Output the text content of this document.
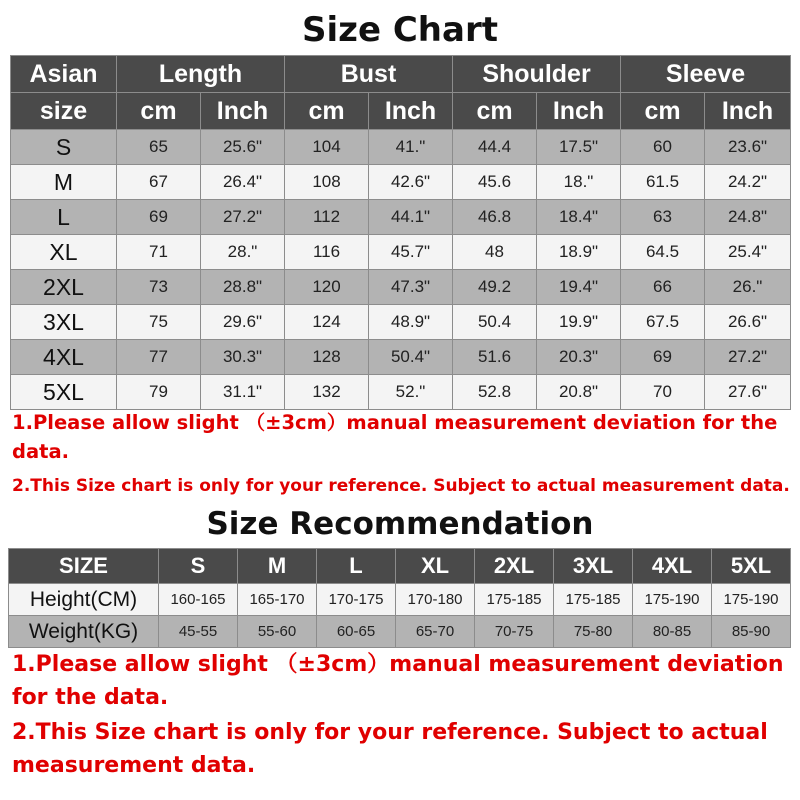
Size Chart
Asian	Length		Bust		Shoulder		Sleeve	
size	cm	Inch	cm	Inch	cm	Inch	cm	Inch
S	65	25.6"	104	41."	44.4	17.5"	60	23.6"
M	67	26.4"	108	42.6"	45.6	18."	61.5	24.2"
L	69	27.2"	112	44.1"	46.8	18.4"	63	24.8"
XL	71	28."	116	45.7"	48	18.9"	64.5	25.4"
2XL	73	28.8"	120	47.3"	49.2	19.4"	66	26."
3XL	75	29.6"	124	48.9"	50.4	19.9"	67.5	26.6"
4XL	77	30.3"	128	50.4"	51.6	20.3"	69	27.2"
5XL	79	31.1"	132	52."	52.8	20.8"	70	27.6"

1.Please allow slight （±3cm）manual measurement deviation for the data.

2.This Size chart is only for your reference. Subject to actual measurement data.

Size Recommendation
SIZE	S	M	L	XL	2XL	3XL	4XL	5XL
Height(CM)	160-165	165-170	170-175	170-180	175-185	175-185	175-190	175-190
Weight(KG)	45-55	55-60	60-65	65-70	70-75	75-80	80-85	85-90

1.Please allow slight （±3cm）manual measurement deviation for the data.

2.This Size chart is only for your reference. Subject to actual measurement data.
